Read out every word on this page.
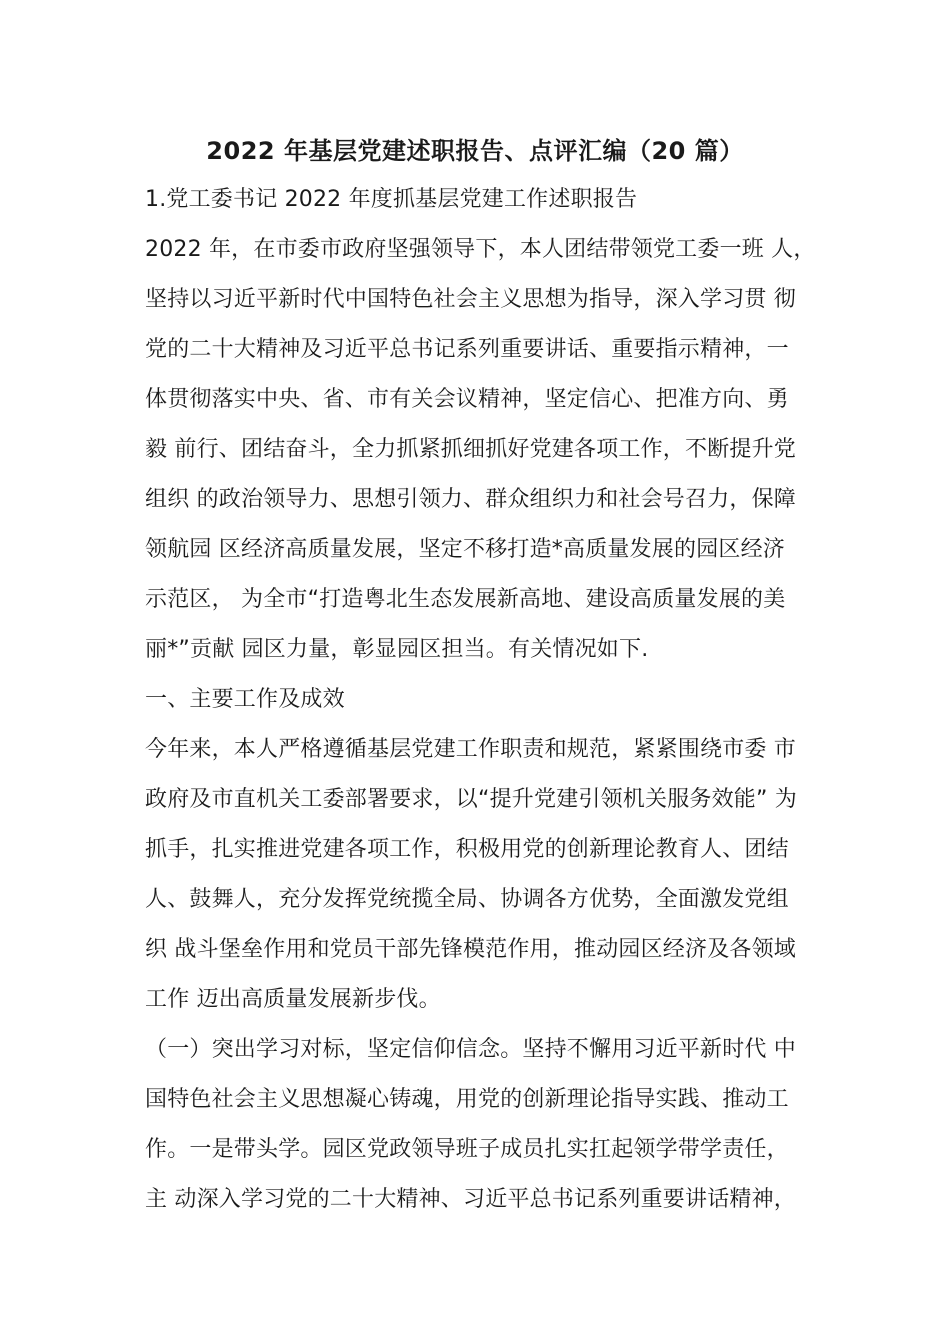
2022 年基层党建述职报告、点评汇编（20 篇）
1.党工委书记 2022 年度抓基层党建工作述职报告
2022 年，在市委市政府坚强领导下，本人团结带领党工委一班 人，
坚持以习近平新时代中国特色社会主义思想为指导，深入学习贯 彻
党的二十大精神及习近平总书记系列重要讲话、重要指示精神，一
体贯彻落实中央、省、市有关会议精神，坚定信心、把准方向、勇
毅 前行、团结奋斗，全力抓紧抓细抓好党建各项工作，不断提升党
组织 的政治领导力、思想引领力、群众组织力和社会号召力，保障
领航园 区经济高质量发展，坚定不移打造*高质量发展的园区经济
示范区， 为全市“打造粤北生态发展新高地、建设高质量发展的美
丽*”贡献 园区力量，彰显园区担当。有关情况如下.
一、主要工作及成效
今年来，本人严格遵循基层党建工作职责和规范，紧紧围绕市委 市
政府及市直机关工委部署要求，以“提升党建引领机关服务效能” 为
抓手，扎实推进党建各项工作，积极用党的创新理论教育人、团结
人、鼓舞人，充分发挥党统揽全局、协调各方优势，全面激发党组
织 战斗堡垒作用和党员干部先锋模范作用，推动园区经济及各领域
工作 迈出高质量发展新步伐。
（一）突出学习对标，坚定信仰信念。坚持不懈用习近平新时代 中
国特色社会主义思想凝心铸魂，用党的创新理论指导实践、推动工
作。一是带头学。园区党政领导班子成员扎实扛起领学带学责任，
主 动深入学习党的二十大精神、习近平总书记系列重要讲话精神，
